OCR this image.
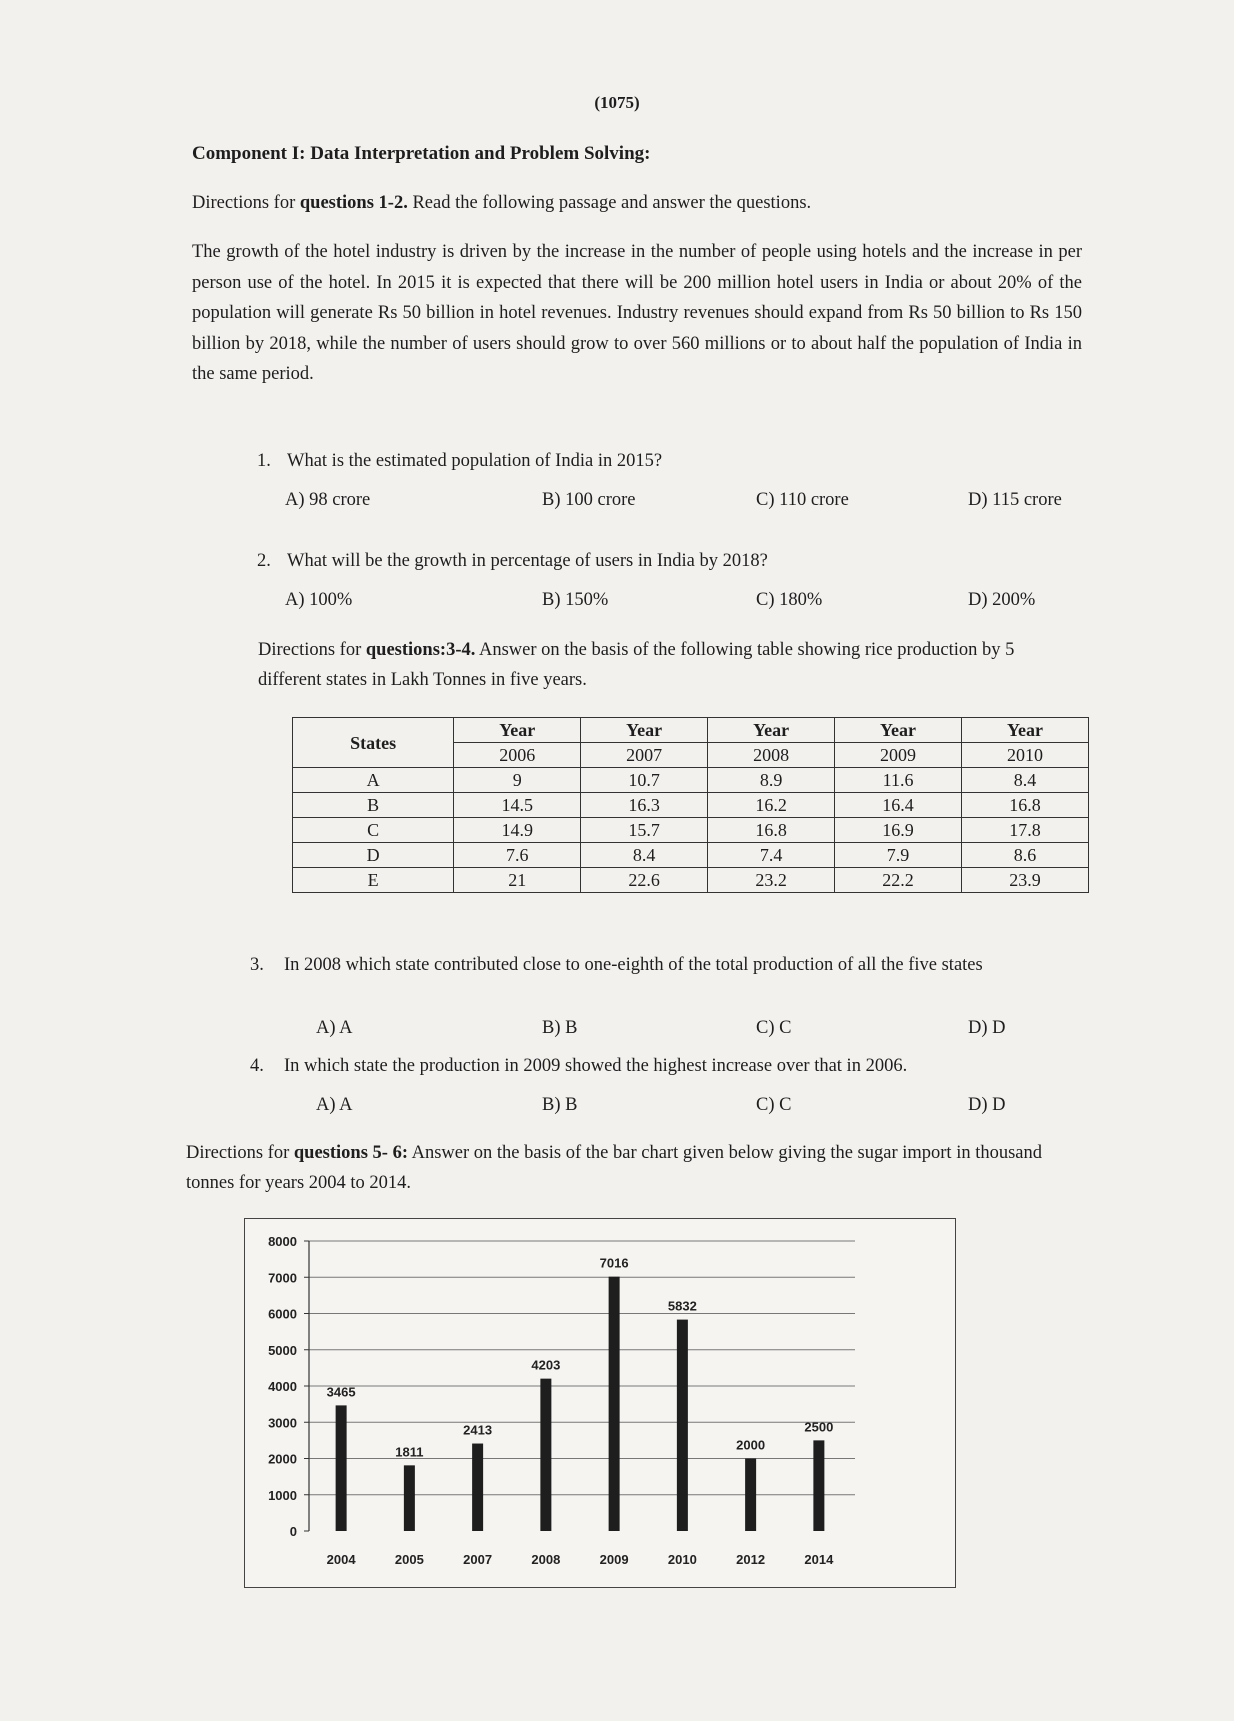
(1075)
Component I: Data Interpretation and Problem Solving:
Directions for questions 1-2. Read the following passage and answer the questions.
The growth of the hotel industry is driven by the increase in the number of people using hotels and the increase in per person use of the hotel. In 2015 it is expected that there will be 200 million hotel users in India or about 20% of the population will generate Rs 50 billion in hotel revenues. Industry revenues should expand from Rs 50 billion to Rs 150 billion by 2018, while the number of users should grow to over 560 millions or to about half the population of India in the same period.
1. What is the estimated population of India in 2015?
A) 98 crore	B) 100 crore	C) 110 crore	D) 115 crore
2. What will be the growth in percentage of users in India by 2018?
A) 100%	B) 150%	C) 180%	D) 200%
Directions for questions:3-4. Answer on the basis of the following table showing rice production by 5 different states in Lakh Tonnes in five years.
States	Year	Year	Year	Year	Year

	2006	2007	2008	2009	2010
A	9	10.7	8.9	11.6	8.4
B	14.5	16.3	16.2	16.4	16.8
C	14.9	15.7	16.8	16.9	17.8
D	7.6	8.4	7.4	7.9	8.6
E	21	22.6	23.2	22.2	23.9
3. In 2008 which state contributed close to one-eighth of the total production of all the five states
A) A	B) B	C) C	D) D
4. In which state the production in 2009 showed the highest increase over that in 2006.
A) A	B) B	C) C	D) D
Directions for questions 5- 6: Answer on the basis of the bar chart given below giving the sugar import in thousand tonnes for years 2004 to 2014.
0
1000
2000
3000
4000
5000
6000
7000
8000
3465
2004
1811
2005
2413
2007
4203
2008
7016
2009
5832
2010
2000
2012
2500
2014
